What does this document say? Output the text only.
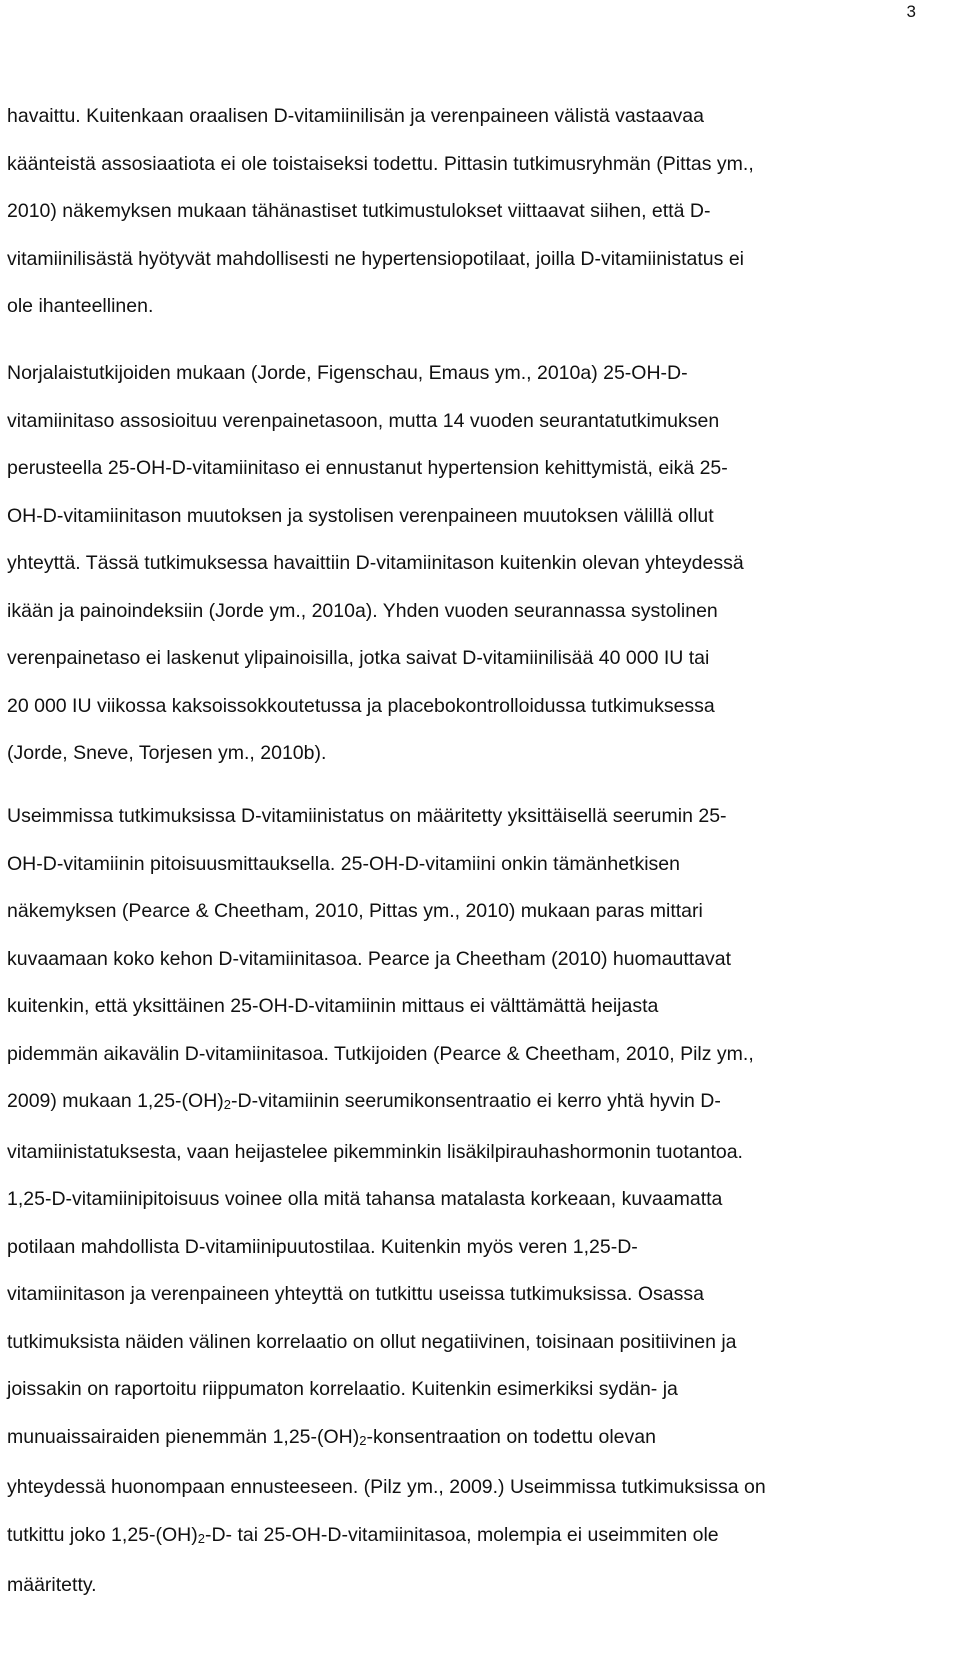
3
havaittu. Kuitenkaan oraalisen D-vitamiinilisän ja verenpaineen välistä vastaavaa
käänteistä assosiaatiota ei ole toistaiseksi todettu. Pittasin tutkimusryhmän (Pittas ym.,
2010) näkemyksen mukaan tähänastiset tutkimustulokset viittaavat siihen, että D-
vitamiinilisästä hyötyvät mahdollisesti ne hypertensiopotilaat, joilla D-vitamiinistatus ei
ole ihanteellinen.
Norjalaistutkijoiden mukaan (Jorde, Figenschau, Emaus ym., 2010a) 25-OH-D-
vitamiinitaso assosioituu verenpainetasoon, mutta 14 vuoden seurantatutkimuksen
perusteella 25-OH-D-vitamiinitaso ei ennustanut hypertension kehittymistä, eikä 25-
OH-D-vitamiinitason muutoksen ja systolisen verenpaineen muutoksen välillä ollut
yhteyttä. Tässä tutkimuksessa havaittiin D-vitamiinitason kuitenkin olevan yhteydessä
ikään ja painoindeksiin (Jorde ym., 2010a). Yhden vuoden seurannassa systolinen
verenpainetaso ei laskenut ylipainoisilla, jotka saivat D-vitamiinilisää 40 000 IU tai
20 000 IU viikossa kaksoissokkoutetussa ja placebokontrolloidussa tutkimuksessa
(Jorde, Sneve, Torjesen ym., 2010b).
Useimmissa tutkimuksissa D-vitamiinistatus on määritetty yksittäisellä seerumin 25-
OH-D-vitamiinin pitoisuusmittauksella. 25-OH-D-vitamiini onkin tämänhetkisen
näkemyksen (Pearce & Cheetham, 2010, Pittas ym., 2010) mukaan paras mittari
kuvaamaan koko kehon D-vitamiinitasoa. Pearce ja Cheetham (2010) huomauttavat
kuitenkin, että yksittäinen 25-OH-D-vitamiinin mittaus ei välttämättä heijasta
pidemmän aikavälin D-vitamiinitasoa. Tutkijoiden (Pearce & Cheetham, 2010, Pilz ym.,
2009) mukaan 1,25-(OH)2-D-vitamiinin seerumikonsentraatio ei kerro yhtä hyvin D-
vitamiinistatuksesta, vaan heijastelee pikemminkin lisäkilpirauhashormonin tuotantoa.
1,25-D-vitamiinipitoisuus voinee olla mitä tahansa matalasta korkeaan, kuvaamatta
potilaan mahdollista D-vitamiinipuutostilaa. Kuitenkin myös veren 1,25-D-
vitamiinitason ja verenpaineen yhteyttä on tutkittu useissa tutkimuksissa. Osassa
tutkimuksista näiden välinen korrelaatio on ollut negatiivinen, toisinaan positiivinen ja
joissakin on raportoitu riippumaton korrelaatio. Kuitenkin esimerkiksi sydän- ja
munuaissairaiden pienemmän 1,25-(OH)2-konsentraation on todettu olevan
yhteydessä huonompaan ennusteeseen. (Pilz ym., 2009.) Useimmissa tutkimuksissa on
tutkittu joko 1,25-(OH)2-D- tai 25-OH-D-vitamiinitasoa, molempia ei useimmiten ole
määritetty.
